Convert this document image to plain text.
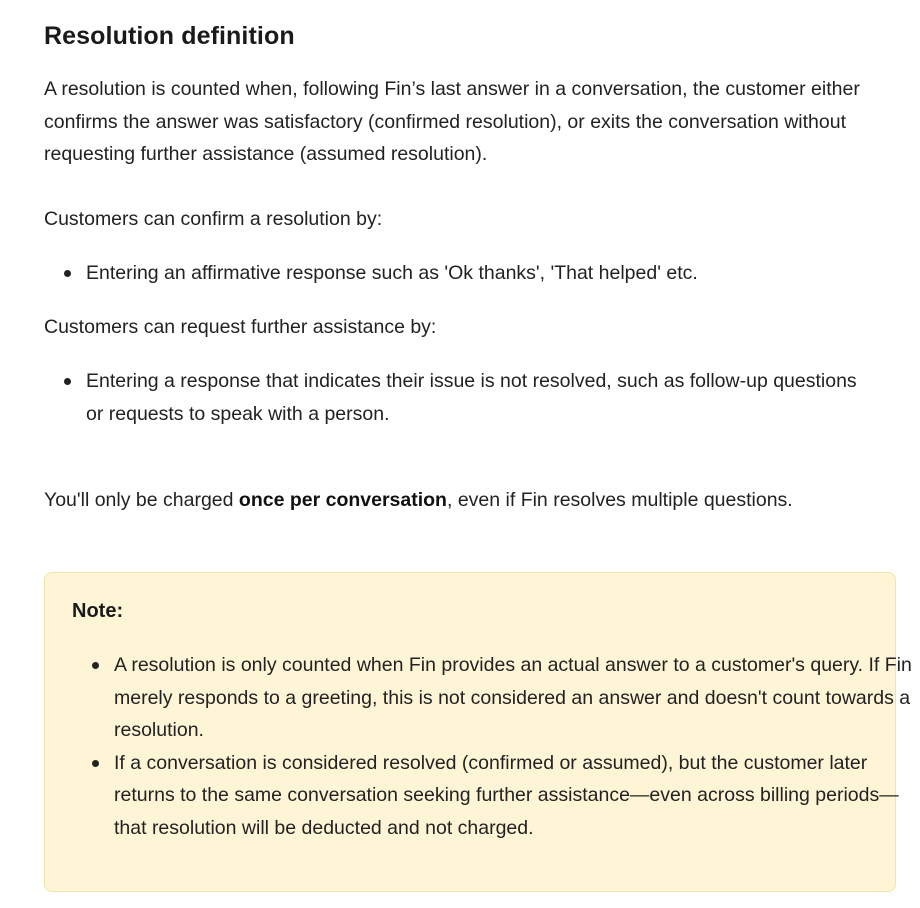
Resolution definition

A resolution is counted when, following Fin’s last answer in a conversation, the customer either confirms the answer was satisfactory (confirmed resolution), or exits the conversation without requesting further assistance (assumed resolution).

Customers can confirm a resolution by:

Entering an affirmative response such as 'Ok thanks', 'That helped' etc.

Customers can request further assistance by:

Entering a response that indicates their issue is not resolved, such as follow-up questions or requests to speak with a person.

You'll only be charged once per conversation, even if Fin resolves multiple questions.

Note:

A resolution is only counted when Fin provides an actual answer to a customer's query. If Fin merely responds to a greeting, this is not considered an answer and doesn't count towards a resolution.
If a conversation is considered resolved (confirmed or assumed), but the customer later returns to the same conversation seeking further assistance—even across billing periods—that resolution will be deducted and not charged.
